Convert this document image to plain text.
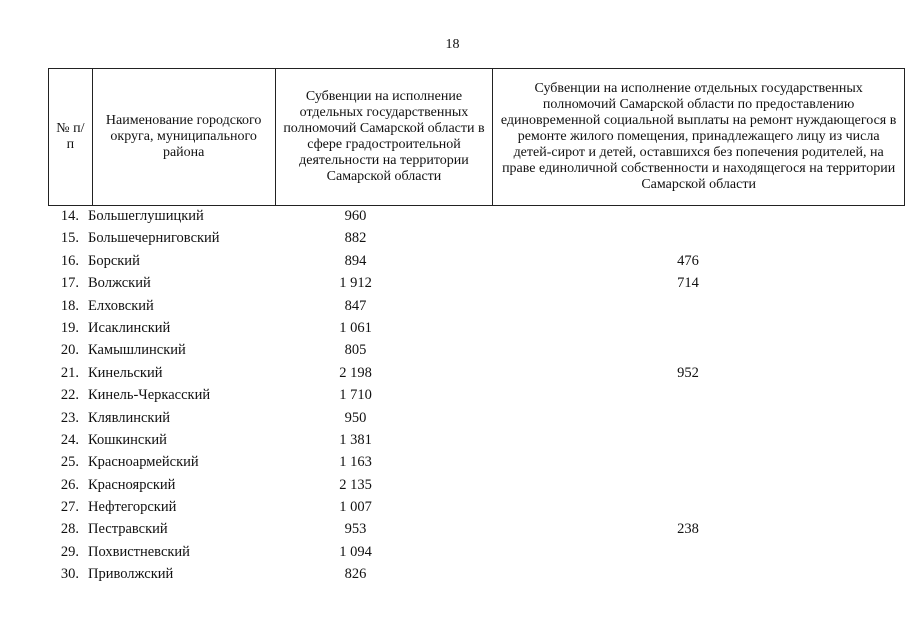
18
№ п/п	Наименование городского округа, муниципального района	Субвенции на исполнение отдельных государственных полномочий Самарской области в сфере градостроительной деятельности на территории Самарской области	Субвенции на исполнение отдельных государственных полномочий Самарской области по предоставлению единовременной социальной выплаты на ремонт нуждающегося в ремонте жилого помещения, принадлежащего лицу из числа детей-сирот и детей, оставшихся без попечения родителей, на праве единоличной собственности и находящегося на территории Самарской области
14. Большеглушицкий	960
15. Большечерниговский	882
16. Борский	894	476
17. Волжский	1 912	714
18. Елховский	847
19. Исаклинский	1 061
20. Камышлинский	805
21. Кинельский	2 198	952
22. Кинель-Черкасский	1 710
23. Клявлинский	950
24. Кошкинский	1 381
25. Красноармейский	1 163
26. Красноярский	2 135
27. Нефтегорский	1 007
28. Пестравский	953	238
29. Похвистневский	1 094
30. Приволжский	826
